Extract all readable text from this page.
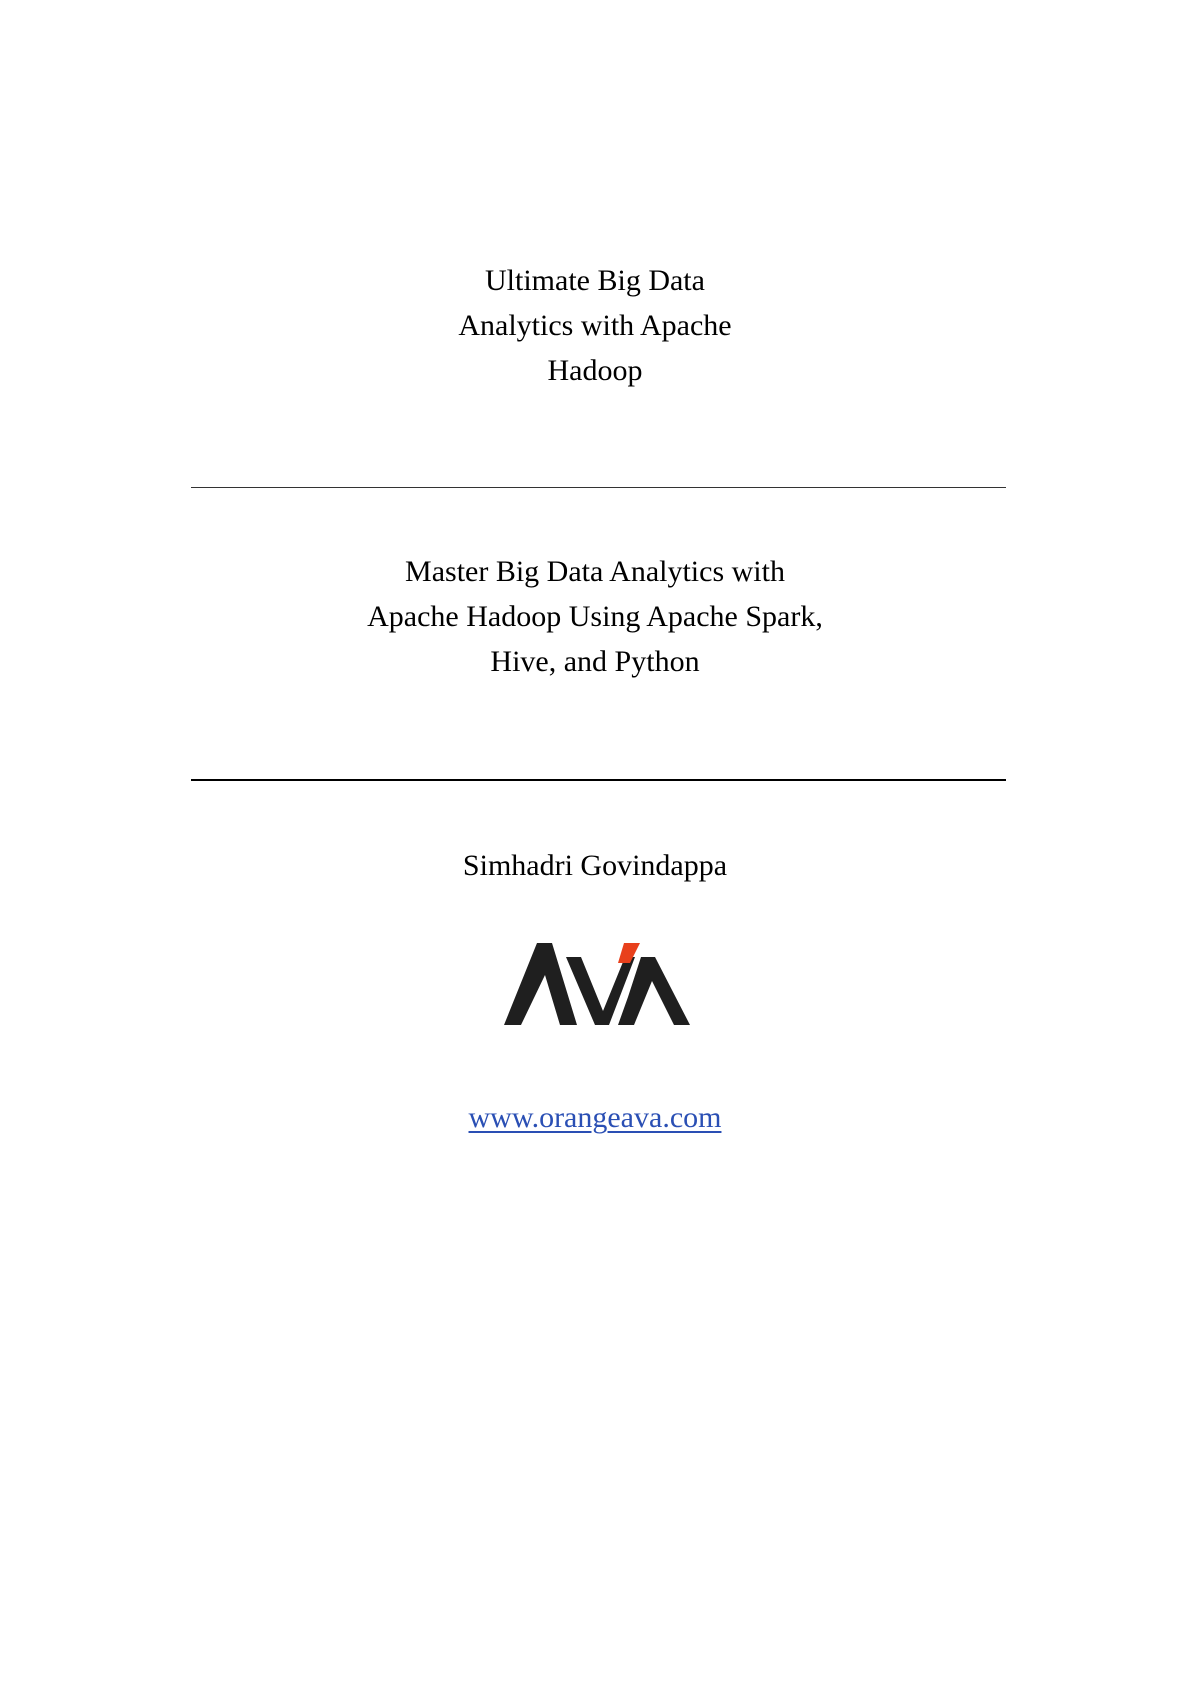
Ultimate Big Data
Analytics with Apache
Hadoop
Master Big Data Analytics with
Apache Hadoop Using Apache Spark,
Hive, and Python
Simhadri Govindappa
www.orangeava.com
